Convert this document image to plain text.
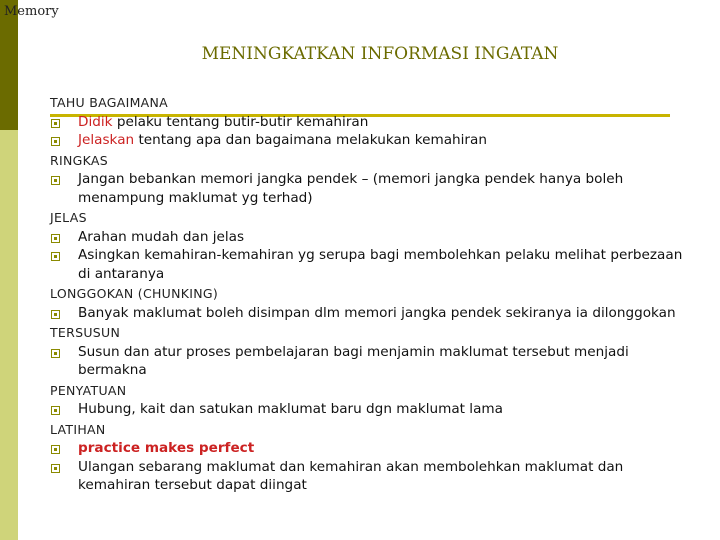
Memory
MENINGKATKAN INFORMASI INGATAN
TAHU BAGAIMANA
Didik pelaku tentang butir-butir kemahiran
Jelaskan tentang apa dan bagaimana melakukan kemahiran
RINGKAS
Jangan bebankan memori jangka pendek – (memori jangka pendek hanya boleh menampung maklumat yg terhad)
JELAS
Arahan mudah dan jelas
Asingkan kemahiran-kemahiran yg serupa bagi membolehkan pelaku melihat perbezaan di antaranya
LONGGOKAN (CHUNKING)
Banyak maklumat boleh disimpan dlm memori jangka pendek sekiranya ia dilonggokan
TERSUSUN
Susun dan atur proses pembelajaran bagi menjamin maklumat tersebut menjadi bermakna
PENYATUAN
Hubung, kait dan satukan maklumat baru dgn maklumat lama
LATIHAN
practice makes perfect
Ulangan sebarang maklumat dan kemahiran akan membolehkan maklumat dan kemahiran tersebut dapat diingat
